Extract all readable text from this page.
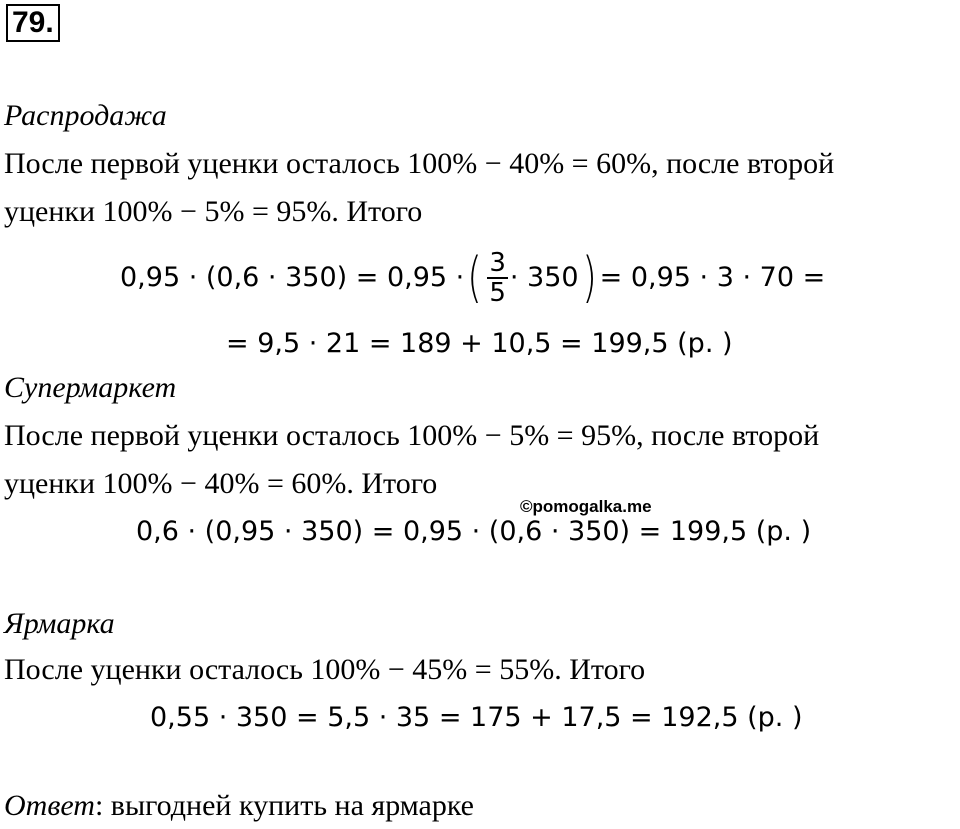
79.
Распродажа
После первой уценки осталось 100% − 40% = 60%, после второй
уценки 100% − 5% = 95%. Итого
0,95 · (0,6 · 350) = 0,95 · ( $\frac{3}{5} \cdot 350$ ) = 0,95 · 3 · 70 =
= 9,5 · 21 = 189 + 10,5 = 199,5 (р. )
Супермаркет
После первой уценки осталось 100% − 5% = 95%, после второй
уценки 100% − 40% = 60%. Итого
0,6 · (0,95 · 350) = 0,95 · (0,6 · 350) = 199,5 (р. )
©pomogalka.me
Ярмарка
После уценки осталось 100% − 45% = 55%. Итого
0,55 · 350 = 5,5 · 35 = 175 + 17,5 = 192,5 (р. )
Ответ: выгодней купить на ярмарке
